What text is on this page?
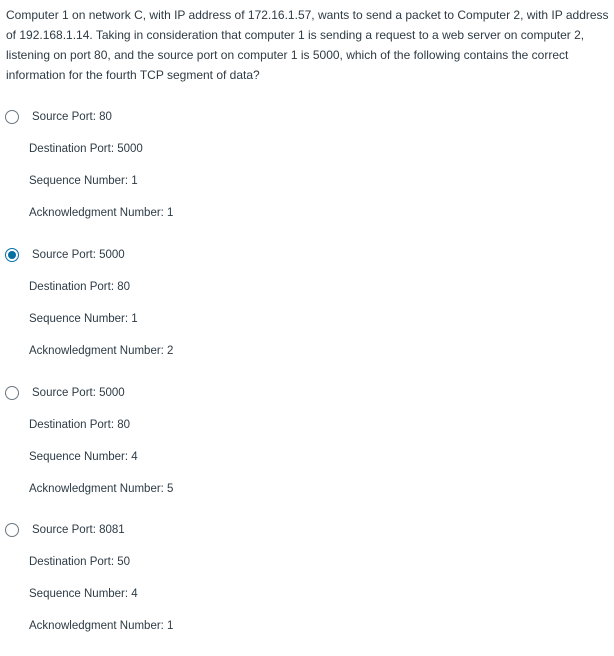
Computer 1 on network C, with IP address of 172.16.1.57, wants to send a packet to Computer 2, with IP address of 192.168.1.14. Taking in consideration that computer 1 is sending a request to a web server on computer 2, listening on port 80, and the source port on computer 1 is 5000, which of the following contains the correct information for the fourth TCP segment of data?

Source Port: 80
Destination Port: 5000
Sequence Number: 1
Acknowledgment Number: 1
Source Port: 5000
Destination Port: 80
Sequence Number: 1
Acknowledgment Number: 2
Source Port: 5000
Destination Port: 80
Sequence Number: 4
Acknowledgment Number: 5
Source Port: 8081
Destination Port: 50
Sequence Number: 4
Acknowledgment Number: 1
